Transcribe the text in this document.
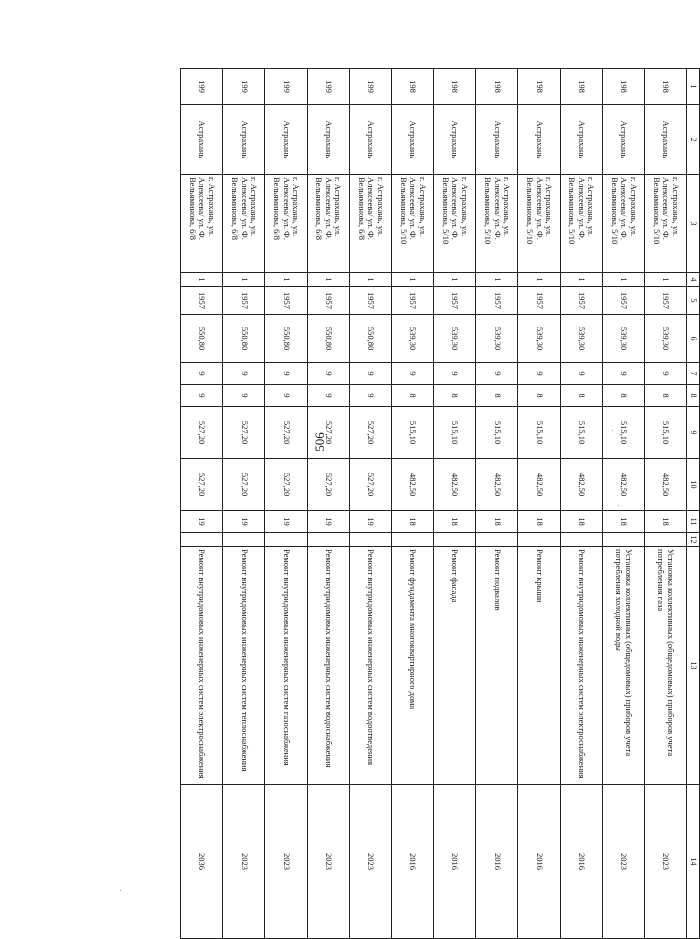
506
1	2	3	4	5	6	7	8	9	10	11	12	13	14
198	Астрахань	г. Астрахань, ул. Алексеева/ ул. Ф. Вельяминова, 5/10	1	1957	539,30	9	8	515,10	482,50	18		Установка коллективных (общедомовых) приборов учета потребления газа	2023
198	Астрахань	г. Астрахань, ул. Алексеева/ ул. Ф. Вельяминова, 5/10	1	1957	539,30	9	8	515,10	482,50	18		Установка коллективных (общедомовых) приборов учета потребления холодной воды	2023
198	Астрахань	г. Астрахань, ул. Алексеева/ ул. Ф. Вельяминова, 5/10	1	1957	539,30	9	8	515,10	482,50	18		Ремонт внутридомовых инженерных систем электроснабжения	2016
198	Астрахань	г. Астрахань, ул. Алексеева/ ул. Ф. Вельяминова, 5/10	1	1957	539,30	9	8	515,10	482,50	18		Ремонт крыши	2016
198	Астрахань	г. Астрахань, ул. Алексеева/ ул. Ф. Вельяминова, 5/10	1	1957	539,30	9	8	515,10	482,50	18		Ремонт подвалов	2016
198	Астрахань	г. Астрахань, ул. Алексеева/ ул. Ф. Вельяминова, 5/10	1	1957	539,30	9	8	515,10	482,50	18		Ремонт фасада	2016
198	Астрахань	г. Астрахань, ул. Алексеева/ ул. Ф. Вельяминова, 5/10	1	1957	539,30	9	8	515,10	482,50	18		Ремонт фундамента многоквартирного дома	2016
199	Астрахань	г. Астрахань, ул. Алексеева/ ул. Ф. Вельяминова, 6/8	1	1957	550,80	9	9	527,20	527,20	19		Ремонт внутридомовых инженерных систем водоотведения	2023
199	Астрахань	г. Астрахань, ул. Алексеева/ ул. Ф. Вельяминова, 6/8	1	1957	550,80	9	9	527,20	527,20	19		Ремонт внутридомовых инженерных систем водоснабжения	2023
199	Астрахань	г. Астрахань, ул. Алексеева/ ул. Ф. Вельяминова, 6/8	1	1957	550,80	9	9	527,20	527,20	19		Ремонт внутридомовых инженерных систем газоснабжения	2023
199	Астрахань	г. Астрахань, ул. Алексеева/ ул. Ф. Вельяминова, 6/8	1	1957	550,80	9	9	527,20	527,20	19		Ремонт внутридомовых инженерных систем теплоснабжения	2023
199	Астрахань	г. Астрахань, ул. Алексеева/ ул. Ф. Вельяминова, 6/8	1	1957	550,80	9	9	527,20	527,20	19		Ремонт внутридомовых инженерных систем электроснабжения	2036
